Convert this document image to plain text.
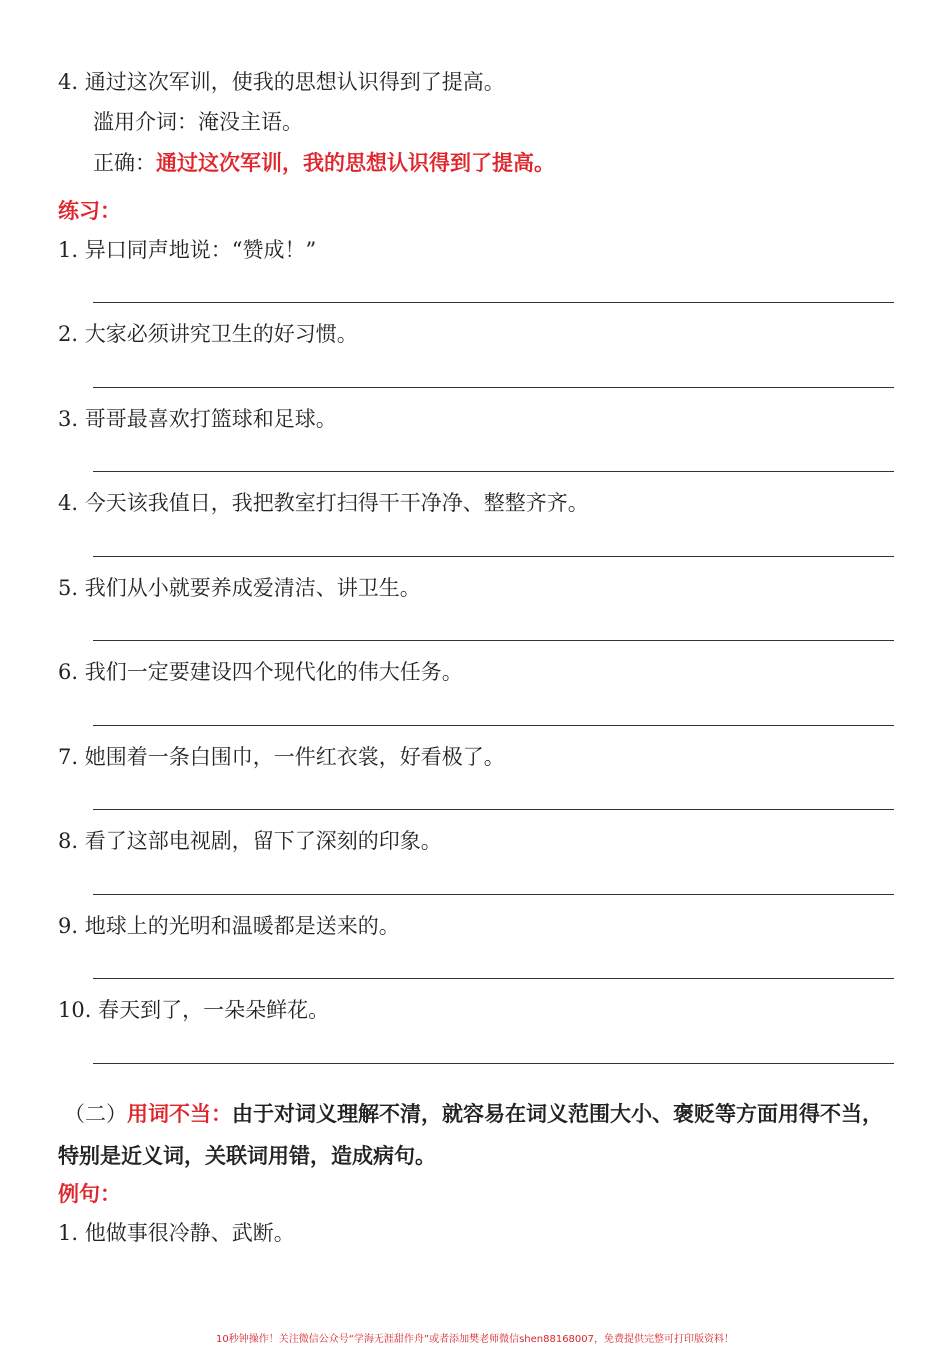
4. 通过这次军训，使我的思想认识得到了提高。
滥用介词：淹没主语。
正确：通过这次军训，我的思想认识得到了提高。
练习：
1. 异口同声地说：“赞成！”
2. 大家必须讲究卫生的好习惯。
3. 哥哥最喜欢打篮球和足球。
4. 今天该我值日，我把教室打扫得干干净净、整整齐齐。
5. 我们从小就要养成爱清洁、讲卫生。
6. 我们一定要建设四个现代化的伟大任务。
7. 她围着一条白围巾，一件红衣裳，好看极了。
8. 看了这部电视剧，留下了深刻的印象。
9. 地球上的光明和温暖都是送来的。
10. 春天到了，一朵朵鲜花。
（二）用词不当：由于对词义理解不清，就容易在词义范围大小、褒贬等方面用得不当，特别是近义词，关联词用错，造成病句。
例句：
1. 他做事很冷静、武断。
10秒钟操作！关注微信公众号“学海无涯甜作舟”或者添加樊老师微信shen88168007，免费提供完整可打印版资料！
